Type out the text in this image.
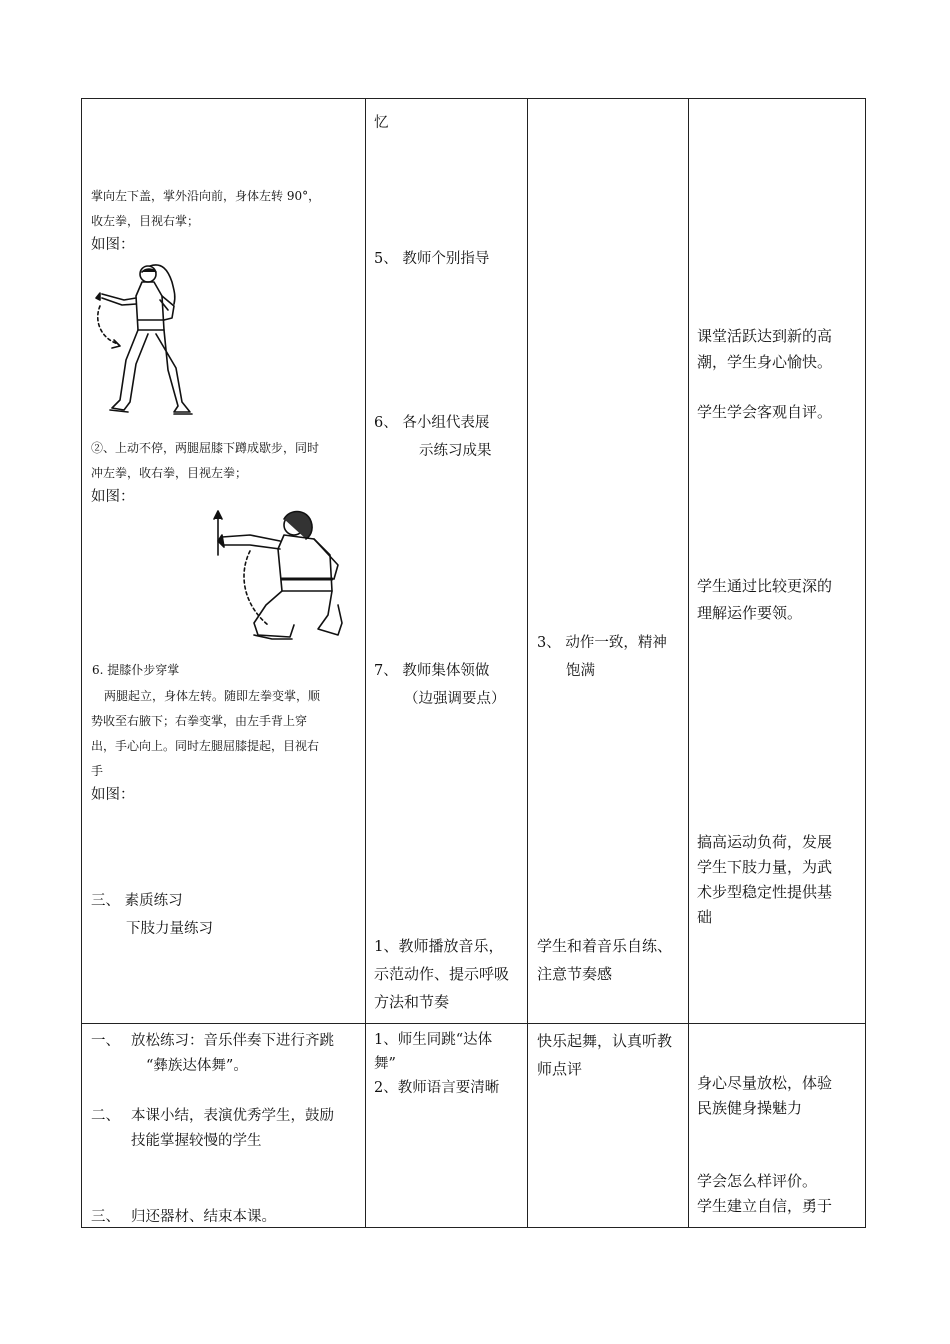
掌向左下盖，掌外沿向前，身体左转 90°，
收左拳，目视右掌；
如图：
②、上动不停，两腿屈膝下蹲成歇步，同时
冲左拳，收右拳，目视左拳；
如图：
6. 提膝仆步穿掌
两腿起立，身体左转。随即左拳变掌，顺
势收至右腋下；右拳变掌，由左手背上穿
出，手心向上。同时左腿屈膝提起，目视右
手
如图：
三、 素质练习
下肢力量练习
忆
5、 教师个别指导
6、 各小组代表展
示练习成果
7、 教师集体领做
（边强调要点）
1、教师播放音乐，
示范动作、提示呼吸
方法和节奏
3、 动作一致，精神
饱满
学生和着音乐自练、
注意节奏感
课堂活跃达到新的高
潮，学生身心愉快。
学生学会客观自评。
学生通过比较更深的
理解运作要领。
搞高运动负荷，发展
学生下肢力量，为武
术步型稳定性提供基
础
一、 放松练习：音乐伴奏下进行齐跳
“彝族达体舞”。
二、 本课小结，表演优秀学生，鼓励
技能掌握较慢的学生
三、 归还器材、结束本课。
1、师生同跳“达体
舞”
2、教师语言要清晰
快乐起舞，认真听教
师点评
身心尽量放松，体验
民族健身操魅力
学会怎么样评价。
学生建立自信，勇于
